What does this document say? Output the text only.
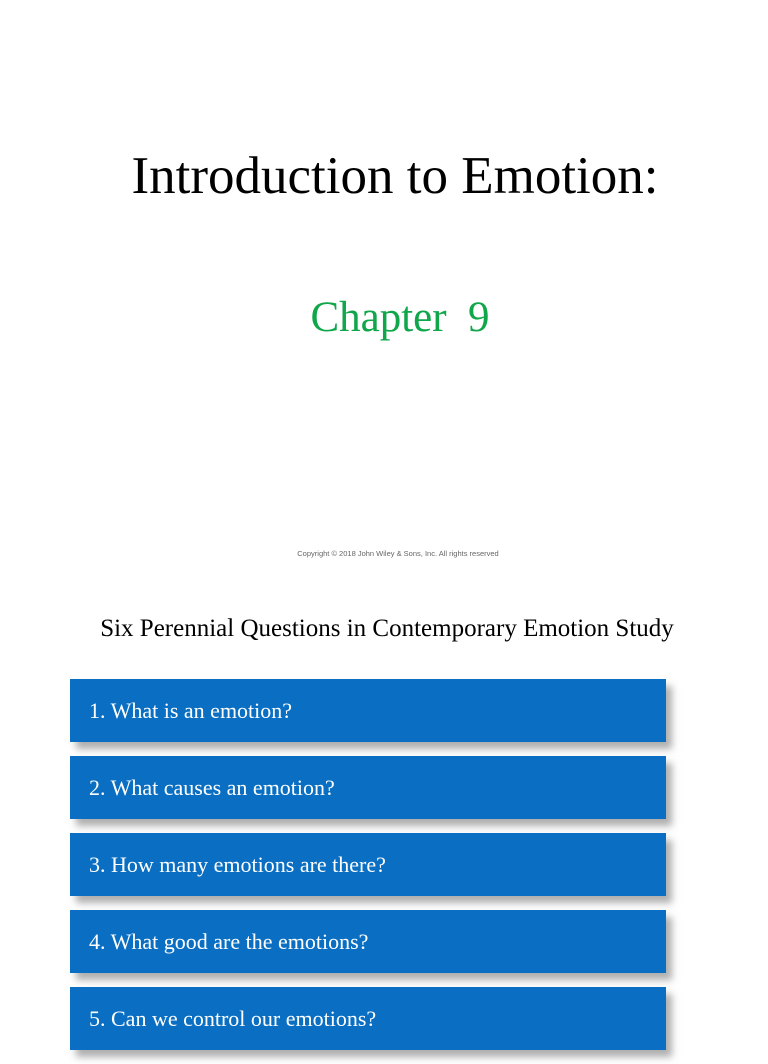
Introduction to Emotion:
Chapter  9
Copyright © 2018 John Wiley & Sons, Inc. All rights reserved
Six Perennial Questions in Contemporary Emotion Study
1. What is an emotion?
2. What causes an emotion?
3. How many emotions are there?
4. What good are the emotions?
5. Can we control our emotions?
